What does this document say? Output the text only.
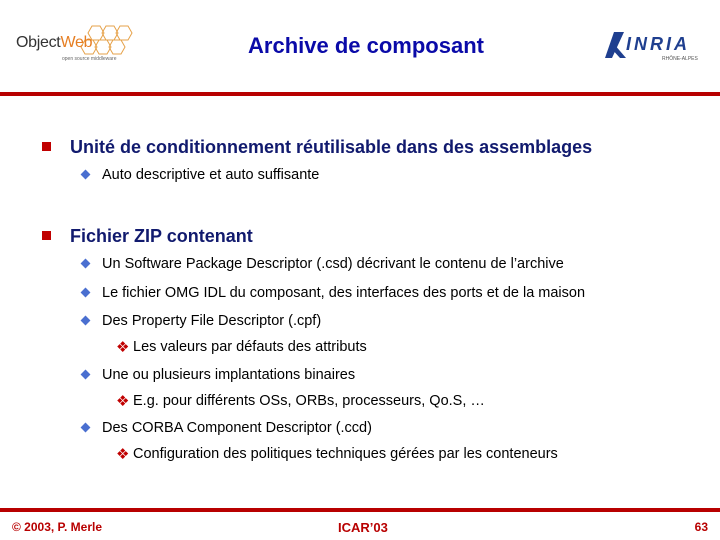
ObjectWeb
open source middleware
Archive de composant	INRIA
RHÔNE-ALPES
Unité de conditionnement réutilisable dans des assemblages
Auto descriptive et auto suffisante
Fichier ZIP contenant
Un Software Package Descriptor (.csd) décrivant le contenu de l’archive
Le fichier OMG IDL du composant, des interfaces des ports et de la maison
Des Property File Descriptor (.cpf)
❖ Les valeurs par défauts des attributs
Une ou plusieurs implantations binaires
❖ E.g. pour différents OSs, ORBs, processeurs, Qo.S, …
Des CORBA Component Descriptor (.ccd)
❖ Configuration des politiques techniques gérées par les conteneurs
© 2003, P. Merle	ICAR’03	63
